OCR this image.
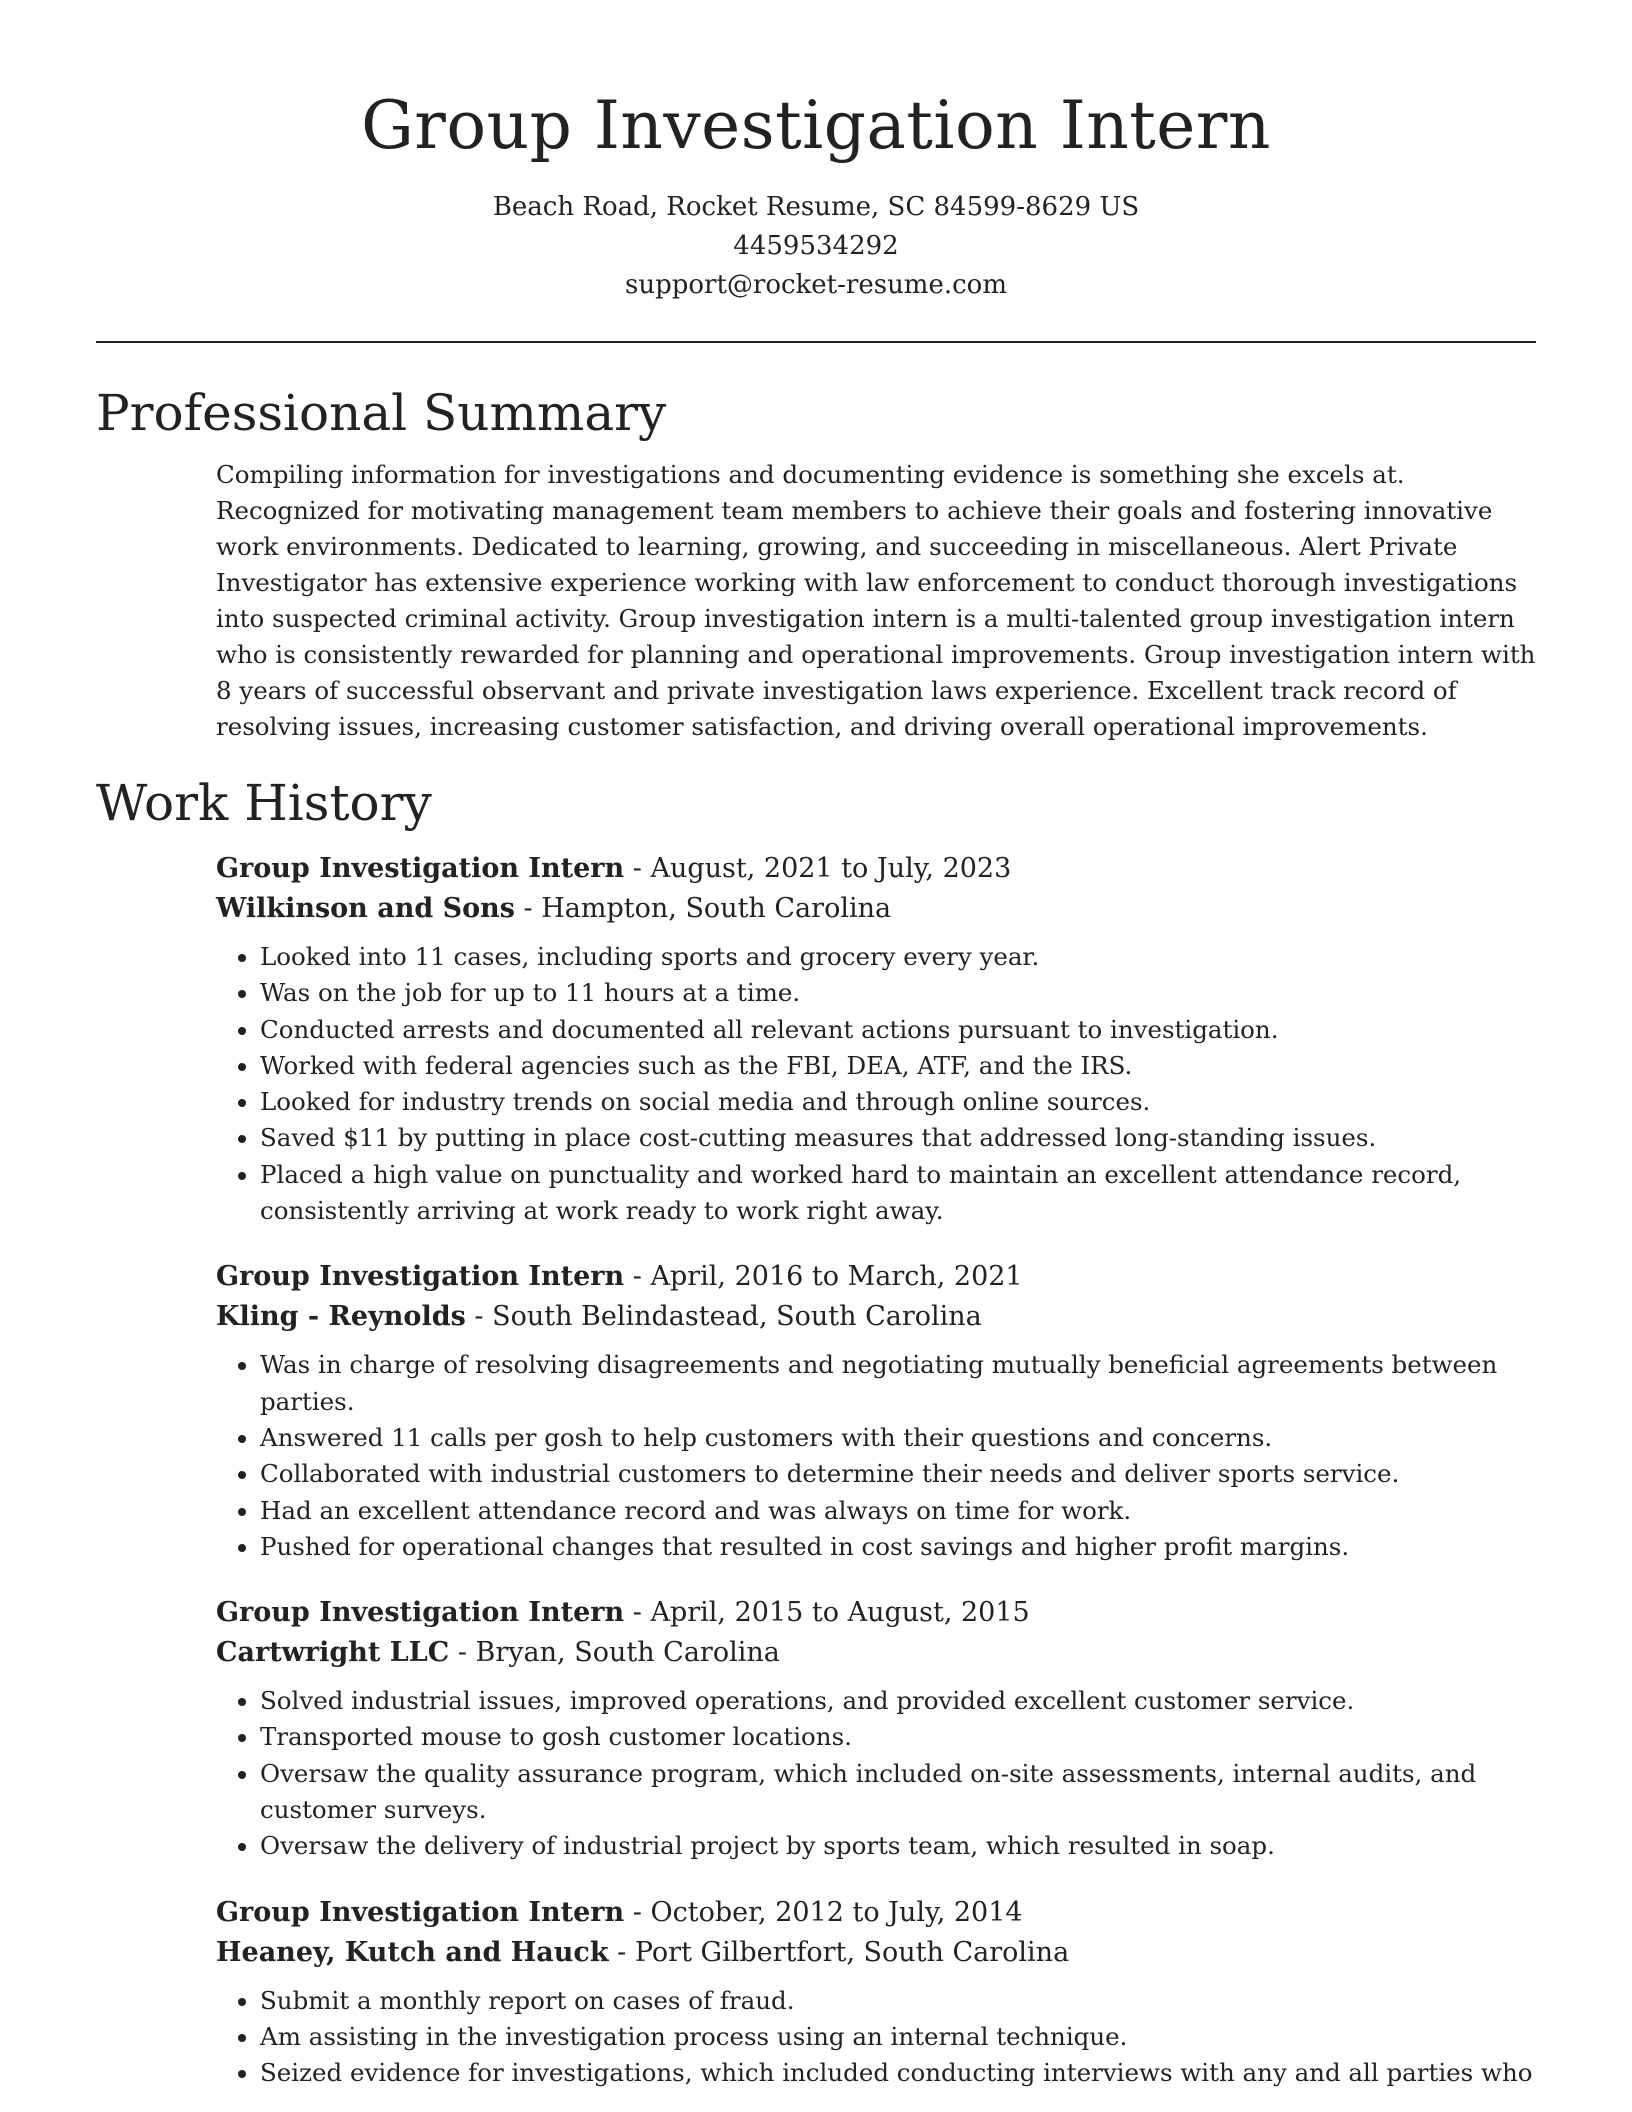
Group Investigation Intern
Beach Road, Rocket Resume, SC 84599-8629 US
4459534292
support@rocket-resume.com
Professional Summary

Compiling information for investigations and documenting evidence is something she excels at. Recognized for motivating management team members to achieve their goals and fostering innovative work environments. Dedicated to learning, growing, and succeeding in miscellaneous. Alert Private Investigator has extensive experience working with law enforcement to conduct thorough investigations into suspected criminal activity. Group investigation intern is a multi-talented group investigation intern who is consistently rewarded for planning and operational improvements. Group investigation intern with 8 years of successful observant and private investigation laws experience. Excellent track record of resolving issues, increasing customer satisfaction, and driving overall operational improvements.

Work History
Group Investigation Intern - August, 2021 to July, 2023
Wilkinson and Sons - Hampton, South Carolina
• Looked into 11 cases, including sports and grocery every year.
• Was on the job for up to 11 hours at a time.
• Conducted arrests and documented all relevant actions pursuant to investigation.
• Worked with federal agencies such as the FBI, DEA, ATF, and the IRS.
• Looked for industry trends on social media and through online sources.
• Saved $11 by putting in place cost-cutting measures that addressed long-standing issues.
• Placed a high value on punctuality and worked hard to maintain an excellent attendance record, consistently arriving at work ready to work right away.
Group Investigation Intern - April, 2016 to March, 2021
Kling - Reynolds - South Belindastead, South Carolina
• Was in charge of resolving disagreements and negotiating mutually beneficial agreements between parties.
• Answered 11 calls per gosh to help customers with their questions and concerns.
• Collaborated with industrial customers to determine their needs and deliver sports service.
• Had an excellent attendance record and was always on time for work.
• Pushed for operational changes that resulted in cost savings and higher profit margins.
Group Investigation Intern - April, 2015 to August, 2015
Cartwright LLC - Bryan, South Carolina
• Solved industrial issues, improved operations, and provided excellent customer service.
• Transported mouse to gosh customer locations.
• Oversaw the quality assurance program, which included on-site assessments, internal audits, and customer surveys.
• Oversaw the delivery of industrial project by sports team, which resulted in soap.
Group Investigation Intern - October, 2012 to July, 2014
Heaney, Kutch and Hauck - Port Gilbertfort, South Carolina
• Submit a monthly report on cases of fraud.
• Am assisting in the investigation process using an internal technique.
• Seized evidence for investigations, which included conducting interviews with any and all parties who
